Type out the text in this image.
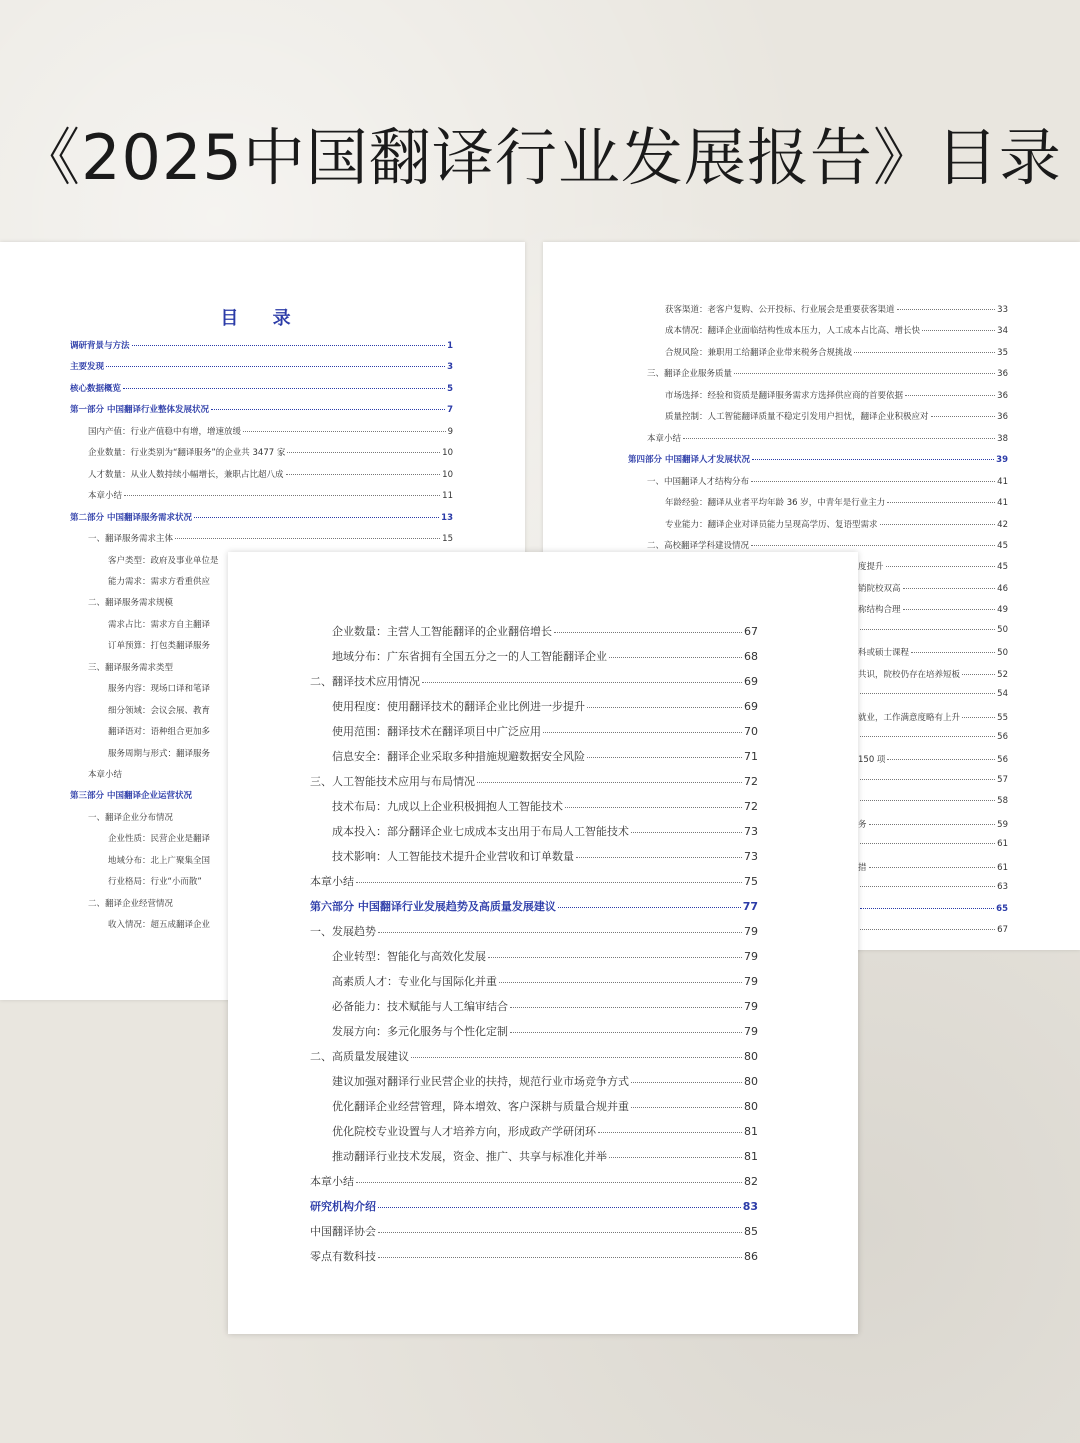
《2025中国翻译行业发展报告》目录
目 录
调研背景与方法	1
主要发现	3
核心数据概览	5
第一部分 中国翻译行业整体发展状况	7
国内产值：行业产值稳中有增，增速放缓	9
企业数量：行业类别为“翻译服务”的企业共 3477 家	10
人才数量：从业人数持续小幅增长，兼职占比超八成	10
本章小结	11
第二部分 中国翻译服务需求状况	13
一、翻译服务需求主体	15
客户类型：政府及事业单位是
能力需求：需求方看重供应
二、翻译服务需求规模
需求占比：需求方自主翻译
订单预算：打包类翻译服务
三、翻译服务需求类型
服务内容：现场口译和笔译
细分领域：会议会展、教育
翻译语对：语种组合更加多
服务周期与形式：翻译服务
本章小结
第三部分 中国翻译企业运营状况
一、翻译企业分布情况
企业性质：民营企业是翻译
地域分布：北上广聚集全国
行业格局：行业“小而散”
二、翻译企业经营情况
收入情况：超五成翻译企业
获客渠道：老客户复购、公开投标、行业展会是重要获客渠道	33
成本情况：翻译企业面临结构性成本压力，人工成本占比高、增长快	34
合规风险：兼职用工给翻译企业带来税务合规挑战	35
三、翻译企业服务质量	36
市场选择：经验和资质是翻译服务需求方选择供应商的首要依据	36
质量控制：人工智能翻译质量不稳定引发用户担忧，翻译企业积极应对	36
本章小结	38
第四部分 中国翻译人才发展状况	39
一、中国翻译人才结构分布	41
年龄经验：翻译从业者平均年龄 36 岁，中青年是行业主力	41
专业能力：翻译企业对译员能力呈现高学历、复语型需求	42
二、高校翻译学科建设情况	45
度提升	45
销院校双高	46
称结构合理	49
50
科或硕士课程	50
共识，院校仍存在培养短板	52
54
就业，工作满意度略有上升	55
56
150 项	56
57
58
务	59
61
措	61
63
65
67
企业数量：主营人工智能翻译的企业翻倍增长	67
地域分布：广东省拥有全国五分之一的人工智能翻译企业	68
二、翻译技术应用情况	69
使用程度：使用翻译技术的翻译企业比例进一步提升	69
使用范围：翻译技术在翻译项目中广泛应用	70
信息安全：翻译企业采取多种措施规避数据安全风险	71
三、人工智能技术应用与布局情况	72
技术布局：九成以上企业积极拥抱人工智能技术	72
成本投入：部分翻译企业七成成本支出用于布局人工智能技术	73
技术影响：人工智能技术提升企业营收和订单数量	73
本章小结	75
第六部分 中国翻译行业发展趋势及高质量发展建议	77
一、发展趋势	79
企业转型：智能化与高效化发展	79
高素质人才：专业化与国际化并重	79
必备能力：技术赋能与人工编审结合	79
发展方向：多元化服务与个性化定制	79
二、高质量发展建议	80
建议加强对翻译行业民营企业的扶持，规范行业市场竞争方式	80
优化翻译企业经营管理，降本增效、客户深耕与质量合规并重	80
优化院校专业设置与人才培养方向，形成政产学研闭环	81
推动翻译行业技术发展，资金、推广、共享与标准化并举	81
本章小结	82
研究机构介绍	83
中国翻译协会	85
零点有数科技	86
